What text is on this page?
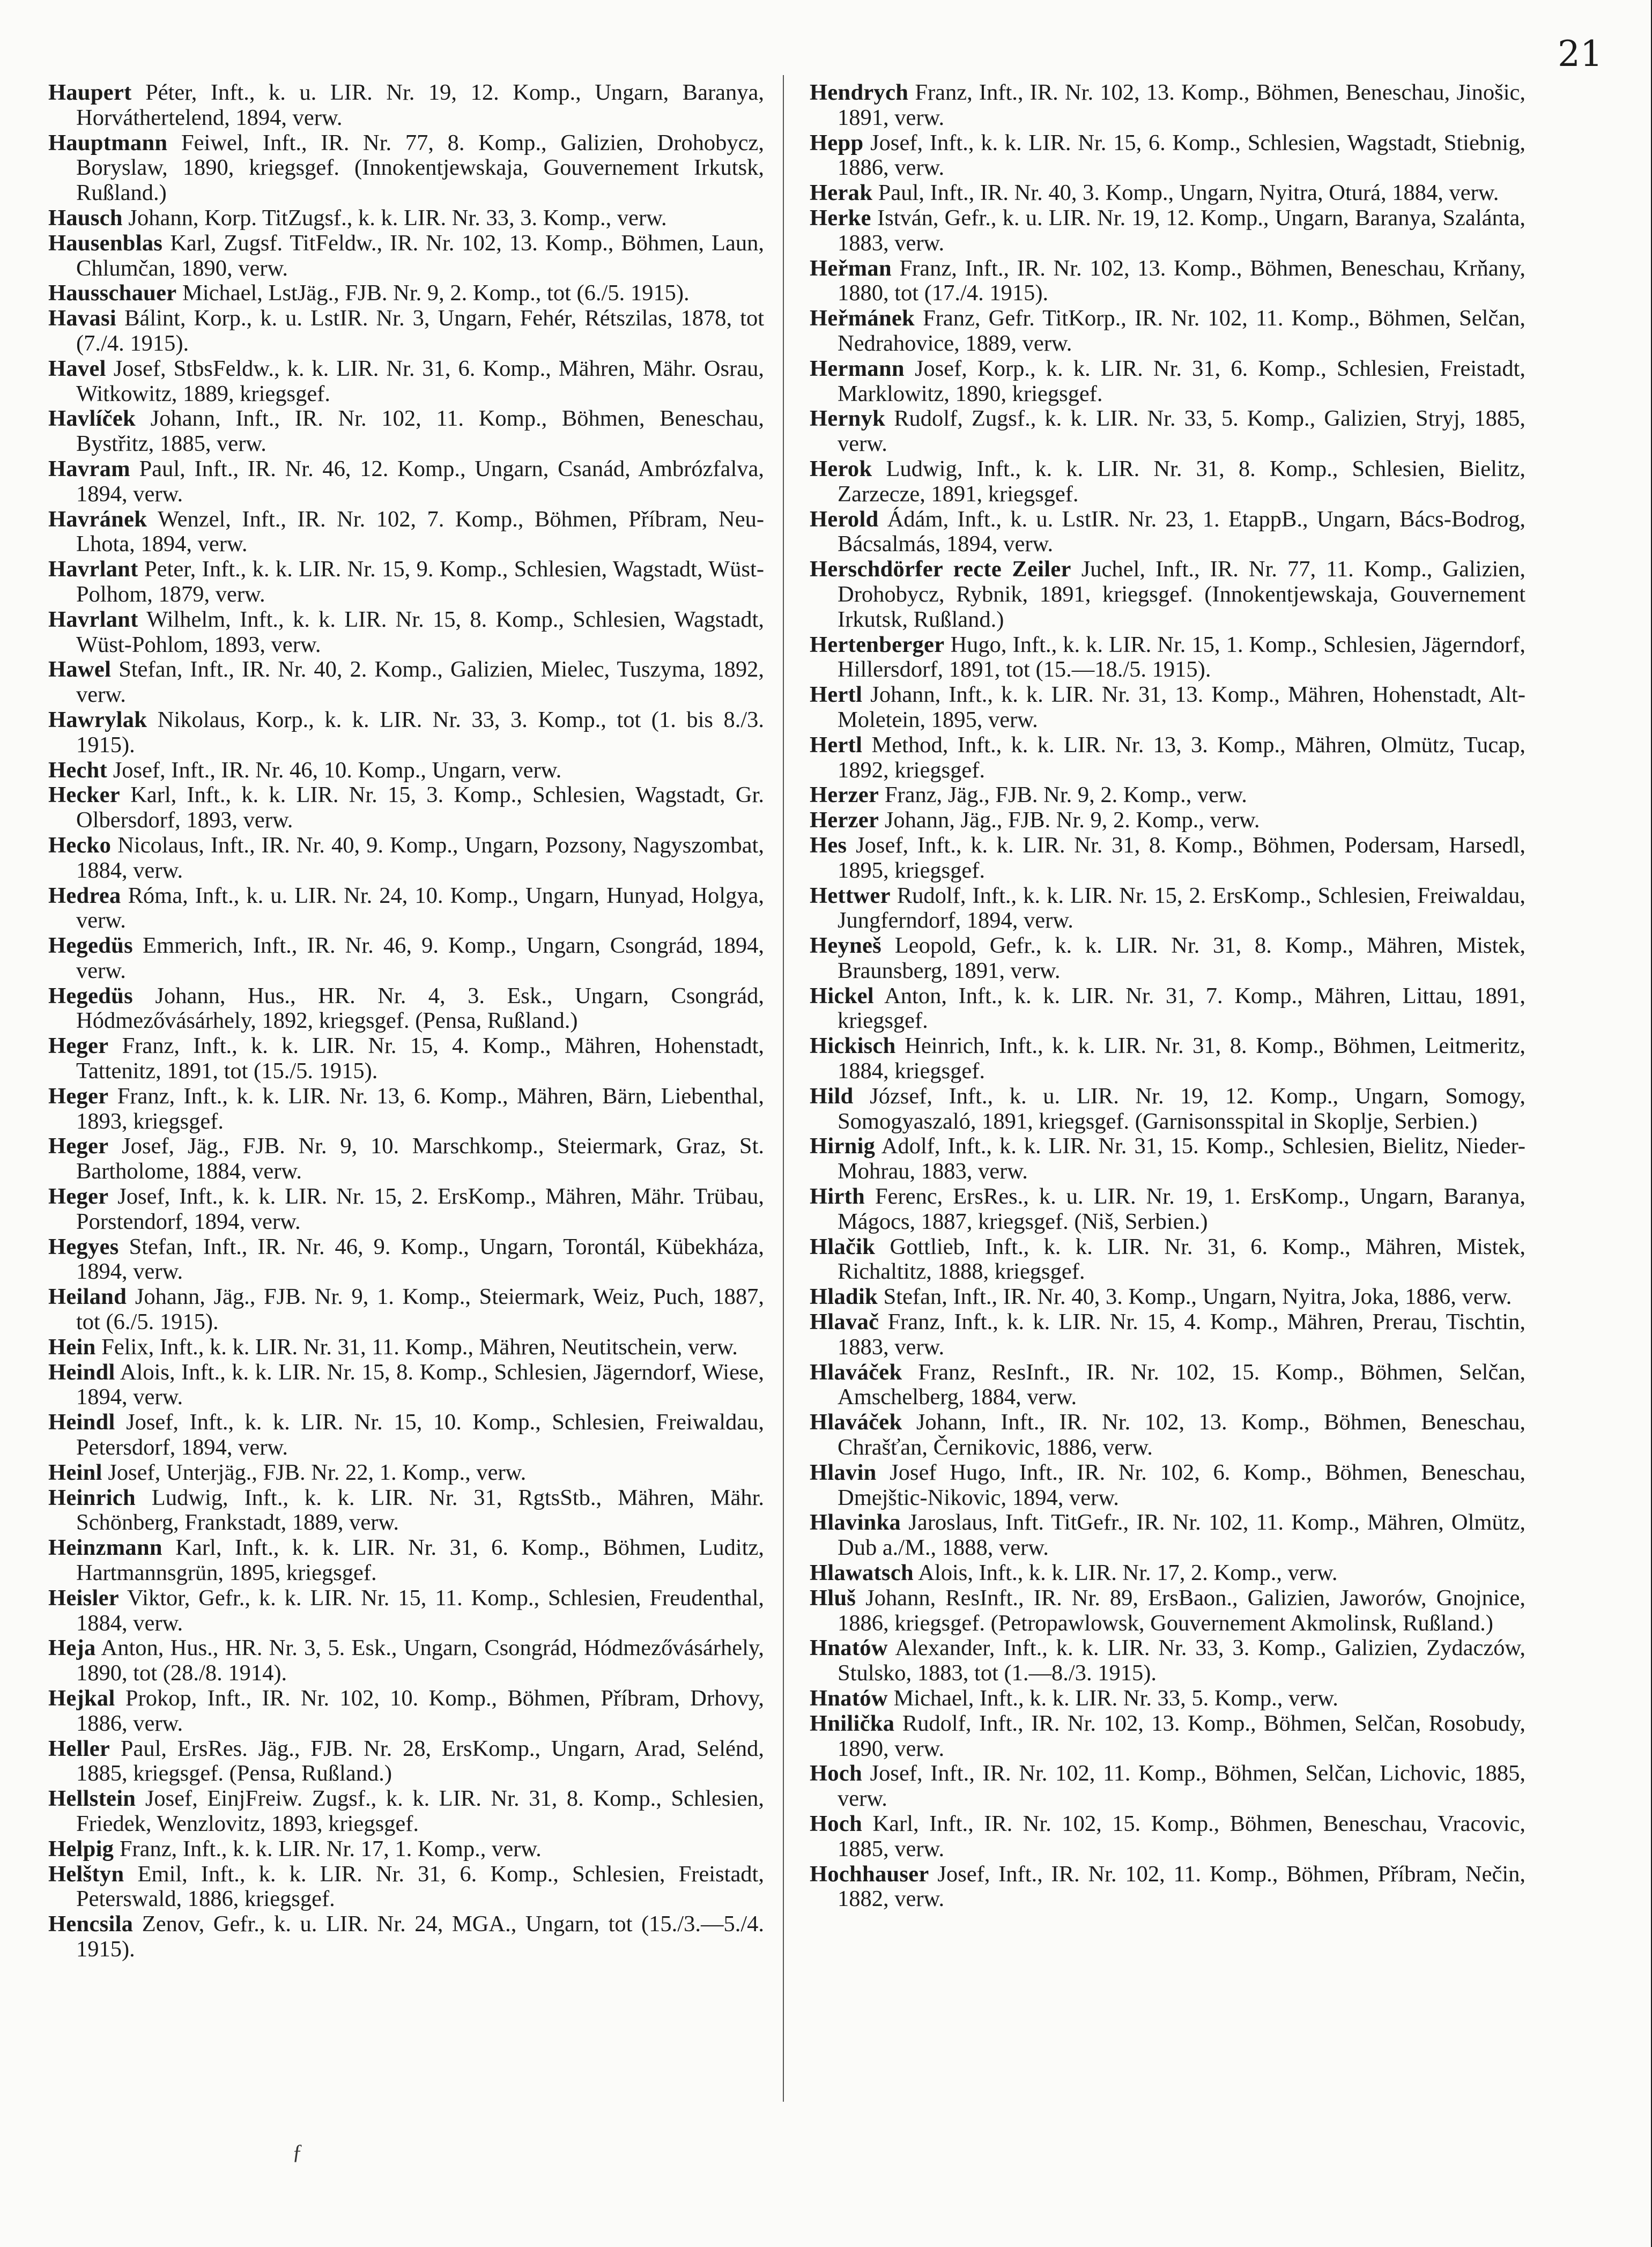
21

Haupert Péter, Inft., k. u. LIR. Nr. 19, 12. Komp., Ungarn, Baranya, Horváthertelend, 1894, verw.

Hauptmann Feiwel, Inft., IR. Nr. 77, 8. Komp., Galizien, Drohobycz, Boryslaw, 1890, kriegsgef. (Innokentjewskaja, Gouvernement Irkutsk, Rußland.)

Hausch Johann, Korp. TitZugsf., k. k. LIR. Nr. 33, 3. Komp., verw.

Hausenblas Karl, Zugsf. TitFeldw., IR. Nr. 102, 13. Komp., Böhmen, Laun, Chlumčan, 1890, verw.

Hausschauer Michael, LstJäg., FJB. Nr. 9, 2. Komp., tot (6./5. 1915).

Havasi Bálint, Korp., k. u. LstIR. Nr. 3, Ungarn, Fehér, Rétszilas, 1878, tot (7./4. 1915).

Havel Josef, StbsFeldw., k. k. LIR. Nr. 31, 6. Komp., Mähren, Mähr. Osrau, Witkowitz, 1889, kriegsgef.

Havlíček Johann, Inft., IR. Nr. 102, 11. Komp., Böhmen, Beneschau, Bystřitz, 1885, verw.

Havram Paul, Inft., IR. Nr. 46, 12. Komp., Ungarn, Csanád, Ambrózfalva, 1894, verw.

Havránek Wenzel, Inft., IR. Nr. 102, 7. Komp., Böhmen, Příbram, Neu-Lhota, 1894, verw.

Havrlant Peter, Inft., k. k. LIR. Nr. 15, 9. Komp., Schlesien, Wagstadt, Wüst-Polhom, 1879, verw.

Havrlant Wilhelm, Inft., k. k. LIR. Nr. 15, 8. Komp., Schlesien, Wagstadt, Wüst-Pohlom, 1893, verw.

Hawel Stefan, Inft., IR. Nr. 40, 2. Komp., Galizien, Mielec, Tuszyma, 1892, verw.

Hawrylak Nikolaus, Korp., k. k. LIR. Nr. 33, 3. Komp., tot (1. bis 8./3. 1915).

Hecht Josef, Inft., IR. Nr. 46, 10. Komp., Ungarn, verw.

Hecker Karl, Inft., k. k. LIR. Nr. 15, 3. Komp., Schlesien, Wagstadt, Gr. Olbersdorf, 1893, verw.

Hecko Nicolaus, Inft., IR. Nr. 40, 9. Komp., Ungarn, Pozsony, Nagyszombat, 1884, verw.

Hedrea Róma, Inft., k. u. LIR. Nr. 24, 10. Komp., Ungarn, Hunyad, Holgya, verw.

Hegedüs Emmerich, Inft., IR. Nr. 46, 9. Komp., Ungarn, Csongrád, 1894, verw.

Hegedüs Johann, Hus., HR. Nr. 4, 3. Esk., Ungarn, Csongrád, Hódmezővásárhely, 1892, kriegsgef. (Pensa, Rußland.)

Heger Franz, Inft., k. k. LIR. Nr. 15, 4. Komp., Mähren, Hohenstadt, Tattenitz, 1891, tot (15./5. 1915).

Heger Franz, Inft., k. k. LIR. Nr. 13, 6. Komp., Mähren, Bärn, Liebenthal, 1893, kriegsgef.

Heger Josef, Jäg., FJB. Nr. 9, 10. Marschkomp., Steiermark, Graz, St. Bartholome, 1884, verw.

Heger Josef, Inft., k. k. LIR. Nr. 15, 2. ErsKomp., Mähren, Mähr. Trübau, Porstendorf, 1894, verw.

Hegyes Stefan, Inft., IR. Nr. 46, 9. Komp., Ungarn, Torontál, Kübekháza, 1894, verw.

Heiland Johann, Jäg., FJB. Nr. 9, 1. Komp., Steiermark, Weiz, Puch, 1887, tot (6./5. 1915).

Hein Felix, Inft., k. k. LIR. Nr. 31, 11. Komp., Mähren, Neutitschein, verw.

Heindl Alois, Inft., k. k. LIR. Nr. 15, 8. Komp., Schlesien, Jägerndorf, Wiese, 1894, verw.

Heindl Josef, Inft., k. k. LIR. Nr. 15, 10. Komp., Schlesien, Freiwaldau, Petersdorf, 1894, verw.

Heinl Josef, Unterjäg., FJB. Nr. 22, 1. Komp., verw.

Heinrich Ludwig, Inft., k. k. LIR. Nr. 31, RgtsStb., Mähren, Mähr. Schönberg, Frankstadt, 1889, verw.

Heinzmann Karl, Inft., k. k. LIR. Nr. 31, 6. Komp., Böhmen, Luditz, Hartmannsgrün, 1895, kriegsgef.

Heisler Viktor, Gefr., k. k. LIR. Nr. 15, 11. Komp., Schlesien, Freudenthal, 1884, verw.

Heja Anton, Hus., HR. Nr. 3, 5. Esk., Ungarn, Csongrád, Hódmezővásárhely, 1890, tot (28./8. 1914).

Hejkal Prokop, Inft., IR. Nr. 102, 10. Komp., Böhmen, Příbram, Drhovy, 1886, verw.

Heller Paul, ErsRes. Jäg., FJB. Nr. 28, ErsKomp., Ungarn, Arad, Selénd, 1885, kriegsgef. (Pensa, Rußland.)

Hellstein Josef, EinjFreiw. Zugsf., k. k. LIR. Nr. 31, 8. Komp., Schlesien, Friedek, Wenzlovitz, 1893, kriegsgef.

Helpig Franz, Inft., k. k. LIR. Nr. 17, 1. Komp., verw.

Helštyn Emil, Inft., k. k. LIR. Nr. 31, 6. Komp., Schlesien, Freistadt, Peterswald, 1886, kriegsgef.

Hencsila Zenov, Gefr., k. u. LIR. Nr. 24, MGA., Ungarn, tot (15./3.—5./4. 1915).

Hendrych Franz, Inft., IR. Nr. 102, 13. Komp., Böhmen, Beneschau, Jinošic, 1891, verw.

Hepp Josef, Inft., k. k. LIR. Nr. 15, 6. Komp., Schlesien, Wagstadt, Stiebnig, 1886, verw.

Herak Paul, Inft., IR. Nr. 40, 3. Komp., Ungarn, Nyitra, Oturá, 1884, verw.

Herke István, Gefr., k. u. LIR. Nr. 19, 12. Komp., Ungarn, Baranya, Szalánta, 1883, verw.

Heřman Franz, Inft., IR. Nr. 102, 13. Komp., Böhmen, Beneschau, Krňany, 1880, tot (17./4. 1915).

Heřmánek Franz, Gefr. TitKorp., IR. Nr. 102, 11. Komp., Böhmen, Selčan, Nedrahovice, 1889, verw.

Hermann Josef, Korp., k. k. LIR. Nr. 31, 6. Komp., Schlesien, Freistadt, Marklowitz, 1890, kriegsgef.

Hernyk Rudolf, Zugsf., k. k. LIR. Nr. 33, 5. Komp., Galizien, Stryj, 1885, verw.

Herok Ludwig, Inft., k. k. LIR. Nr. 31, 8. Komp., Schlesien, Bielitz, Zarzecze, 1891, kriegsgef.

Herold Ádám, Inft., k. u. LstIR. Nr. 23, 1. EtappB., Ungarn, Bács-Bodrog, Bácsalmás, 1894, verw.

Herschdörfer recte Zeiler Juchel, Inft., IR. Nr. 77, 11. Komp., Galizien, Drohobycz, Rybnik, 1891, kriegsgef. (Innokentjewskaja, Gouvernement Irkutsk, Rußland.)

Hertenberger Hugo, Inft., k. k. LIR. Nr. 15, 1. Komp., Schlesien, Jägerndorf, Hillersdorf, 1891, tot (15.—18./5. 1915).

Hertl Johann, Inft., k. k. LIR. Nr. 31, 13. Komp., Mähren, Hohenstadt, Alt-Moletein, 1895, verw.

Hertl Method, Inft., k. k. LIR. Nr. 13, 3. Komp., Mähren, Olmütz, Tucap, 1892, kriegsgef.

Herzer Franz, Jäg., FJB. Nr. 9, 2. Komp., verw.

Herzer Johann, Jäg., FJB. Nr. 9, 2. Komp., verw.

Hes Josef, Inft., k. k. LIR. Nr. 31, 8. Komp., Böhmen, Podersam, Harsedl, 1895, kriegsgef.

Hettwer Rudolf, Inft., k. k. LIR. Nr. 15, 2. ErsKomp., Schlesien, Freiwaldau, Jungferndorf, 1894, verw.

Heyneš Leopold, Gefr., k. k. LIR. Nr. 31, 8. Komp., Mähren, Mistek, Braunsberg, 1891, verw.

Hickel Anton, Inft., k. k. LIR. Nr. 31, 7. Komp., Mähren, Littau, 1891, kriegsgef.

Hickisch Heinrich, Inft., k. k. LIR. Nr. 31, 8. Komp., Böhmen, Leitmeritz, 1884, kriegsgef.

Hild József, Inft., k. u. LIR. Nr. 19, 12. Komp., Ungarn, Somogy, Somogyaszaló, 1891, kriegsgef. (Garnisonsspital in Skoplje, Serbien.)

Hirnig Adolf, Inft., k. k. LIR. Nr. 31, 15. Komp., Schlesien, Bielitz, Nieder-Mohrau, 1883, verw.

Hirth Ferenc, ErsRes., k. u. LIR. Nr. 19, 1. ErsKomp., Ungarn, Baranya, Mágocs, 1887, kriegsgef. (Niš, Serbien.)

Hlačik Gottlieb, Inft., k. k. LIR. Nr. 31, 6. Komp., Mähren, Mistek, Richaltitz, 1888, kriegsgef.

Hladik Stefan, Inft., IR. Nr. 40, 3. Komp., Ungarn, Nyitra, Joka, 1886, verw.

Hlavač Franz, Inft., k. k. LIR. Nr. 15, 4. Komp., Mähren, Prerau, Tischtin, 1883, verw.

Hlaváček Franz, ResInft., IR. Nr. 102, 15. Komp., Böhmen, Selčan, Amschelberg, 1884, verw.

Hlaváček Johann, Inft., IR. Nr. 102, 13. Komp., Böhmen, Beneschau, Chrašťan, Černikovic, 1886, verw.

Hlavin Josef Hugo, Inft., IR. Nr. 102, 6. Komp., Böhmen, Beneschau, Dmejštic-Nikovic, 1894, verw.

Hlavinka Jaroslaus, Inft. TitGefr., IR. Nr. 102, 11. Komp., Mähren, Olmütz, Dub a./M., 1888, verw.

Hlawatsch Alois, Inft., k. k. LIR. Nr. 17, 2. Komp., verw.

Hluš Johann, ResInft., IR. Nr. 89, ErsBaon., Galizien, Jaworów, Gnojnice, 1886, kriegsgef. (Petropawlowsk, Gouvernement Akmolinsk, Rußland.)

Hnatów Alexander, Inft., k. k. LIR. Nr. 33, 3. Komp., Galizien, Zydaczów, Stulsko, 1883, tot (1.—8./3. 1915).

Hnatów Michael, Inft., k. k. LIR. Nr. 33, 5. Komp., verw.

Hnilička Rudolf, Inft., IR. Nr. 102, 13. Komp., Böhmen, Selčan, Rosobudy, 1890, verw.

Hoch Josef, Inft., IR. Nr. 102, 11. Komp., Böhmen, Selčan, Lichovic, 1885, verw.

Hoch Karl, Inft., IR. Nr. 102, 15. Komp., Böhmen, Beneschau, Vracovic, 1885, verw.

Hochhauser Josef, Inft., IR. Nr. 102, 11. Komp., Böhmen, Příbram, Nečin, 1882, verw.

ƒ
